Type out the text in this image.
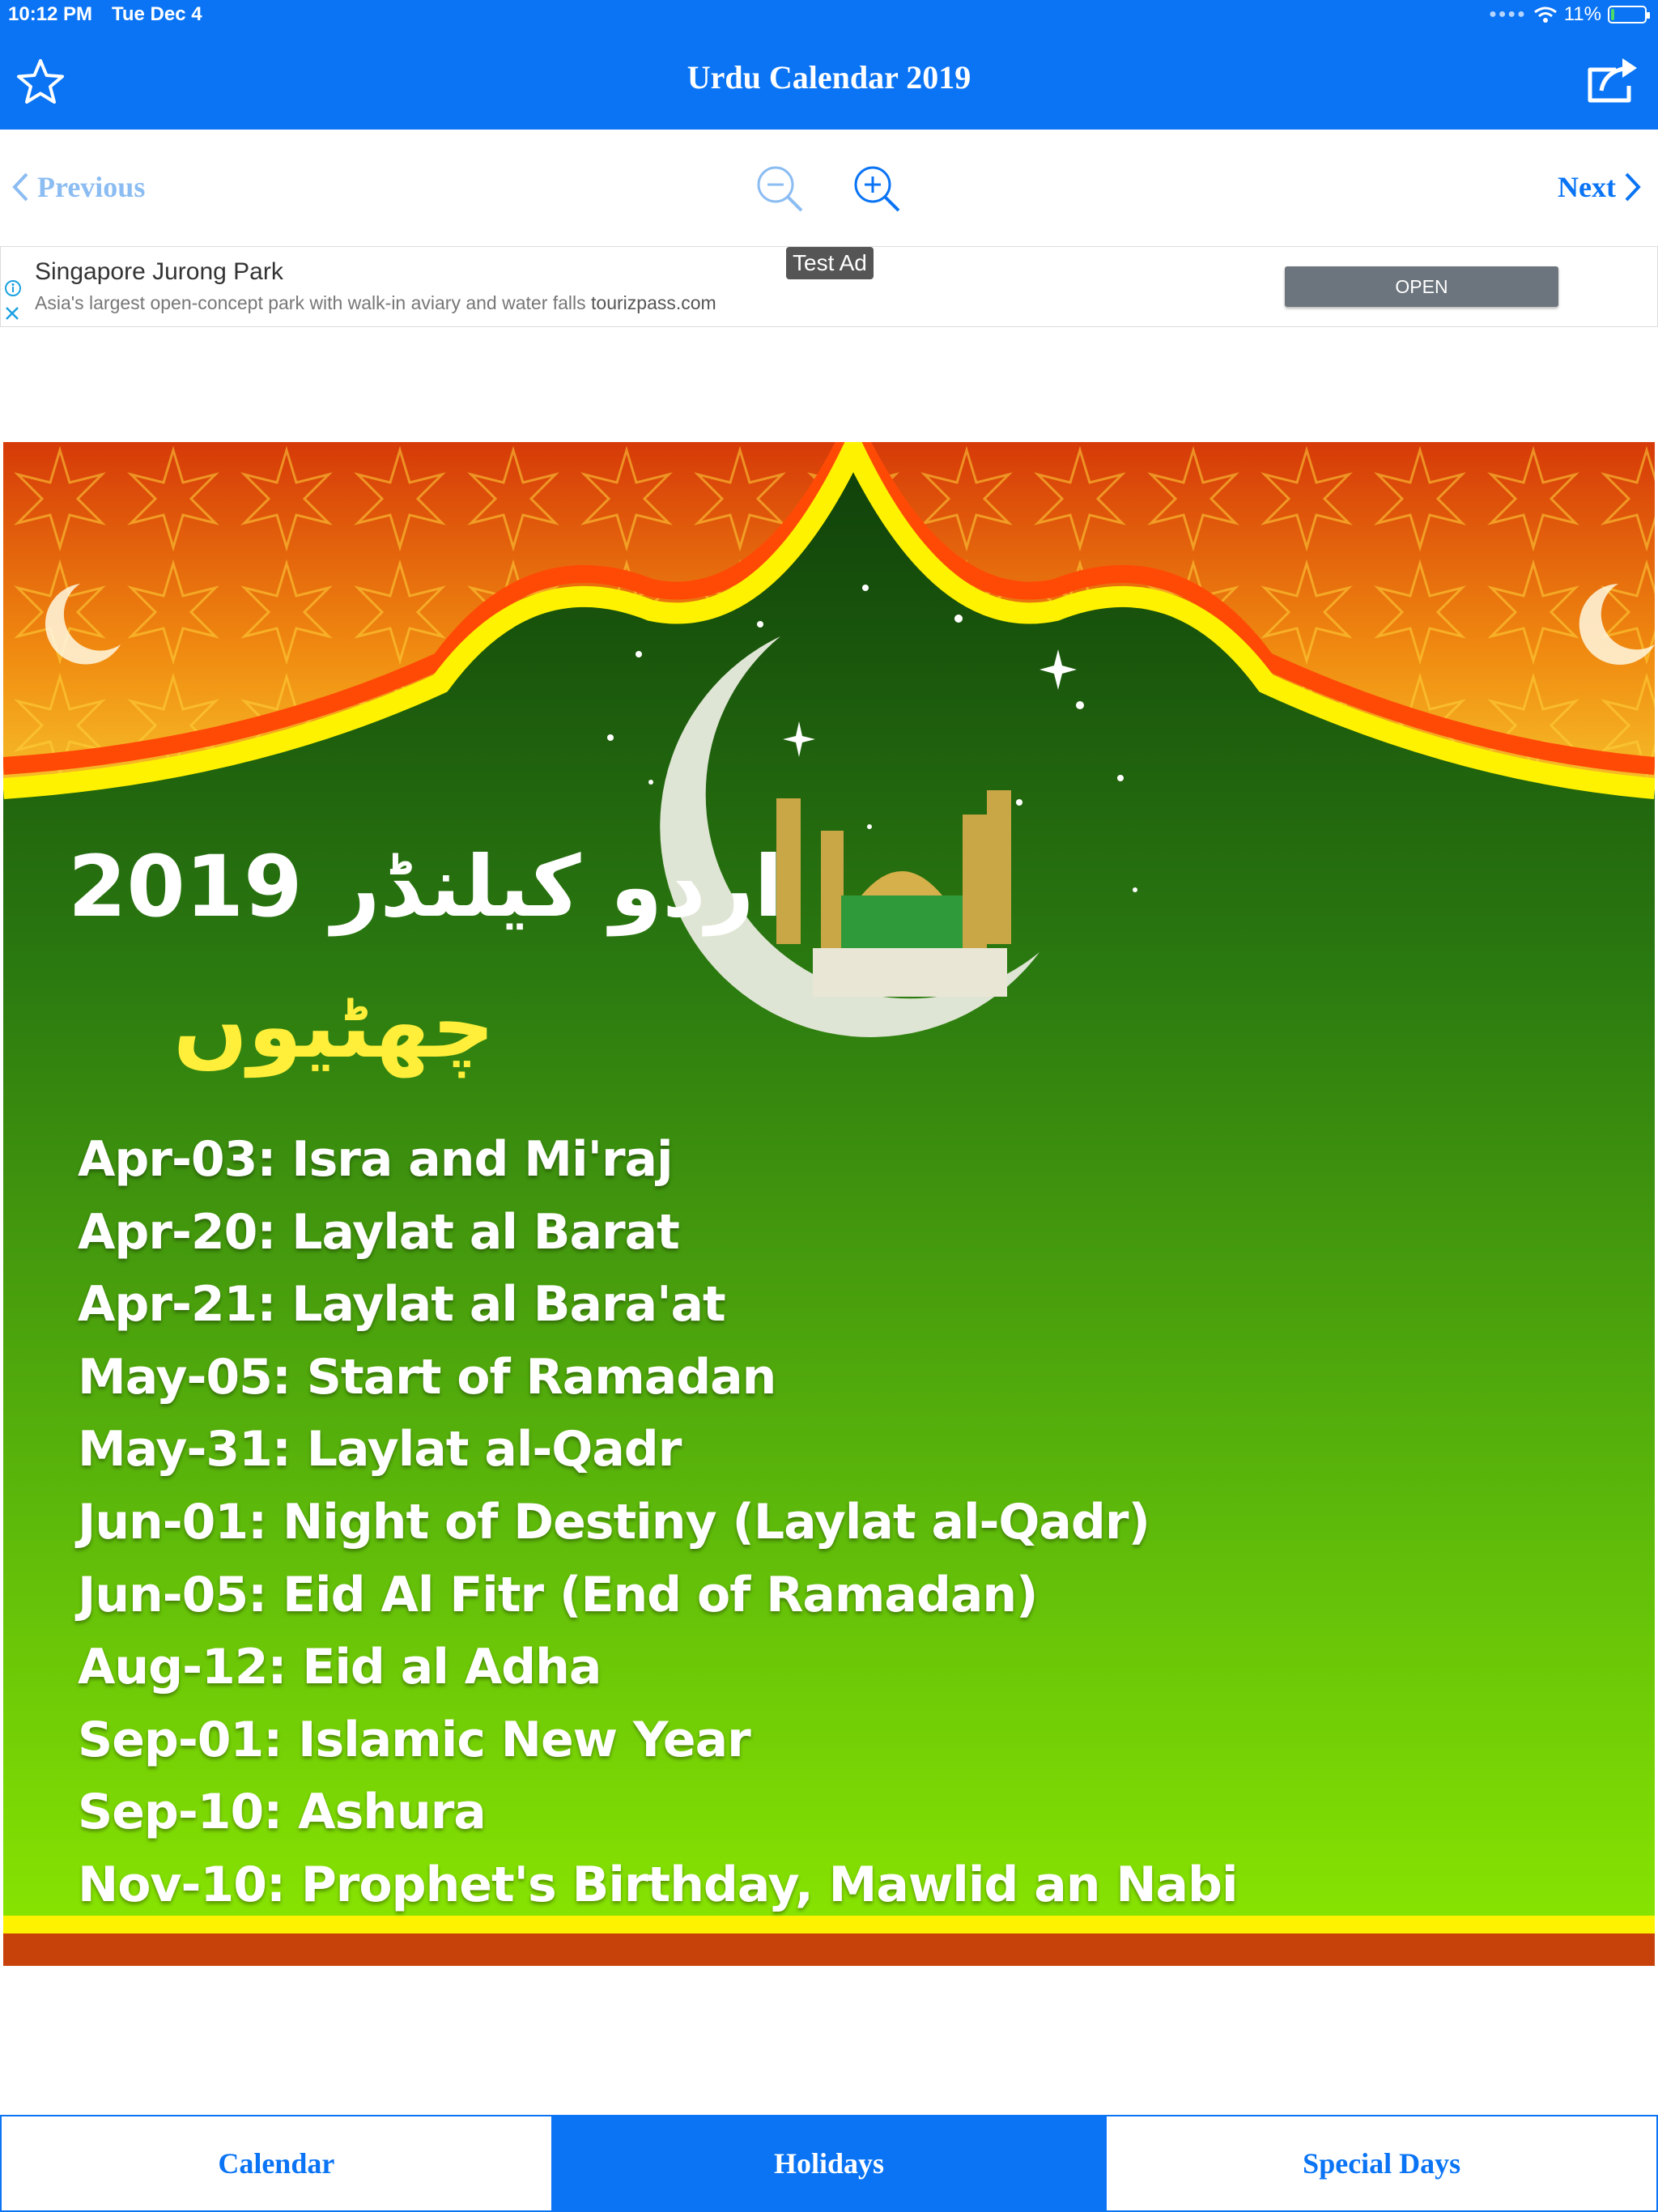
10:12 PM Tue Dec 4	●●●● 11%
Urdu Calendar 2019
Previous	Next
Singapore Jurong Park
Asia's largest open-concept park with walk-in aviary and water falls tourizpass.com
Test Ad
OPEN
2019 اردو کیلنڈر
چھٹیوں
Apr-03: Isra and Mi'raj
Apr-20: Laylat al Barat
Apr-21: Laylat al Bara'at
May-05: Start of Ramadan
May-31: Laylat al-Qadr
Jun-01: Night of Destiny (Laylat al-Qadr)
Jun-05: Eid Al Fitr (End of Ramadan)
Aug-12: Eid al Adha
Sep-01: Islamic New Year
Sep-10: Ashura
Nov-10: Prophet's Birthday, Mawlid an Nabi
Calendar	Holidays	Special Days
